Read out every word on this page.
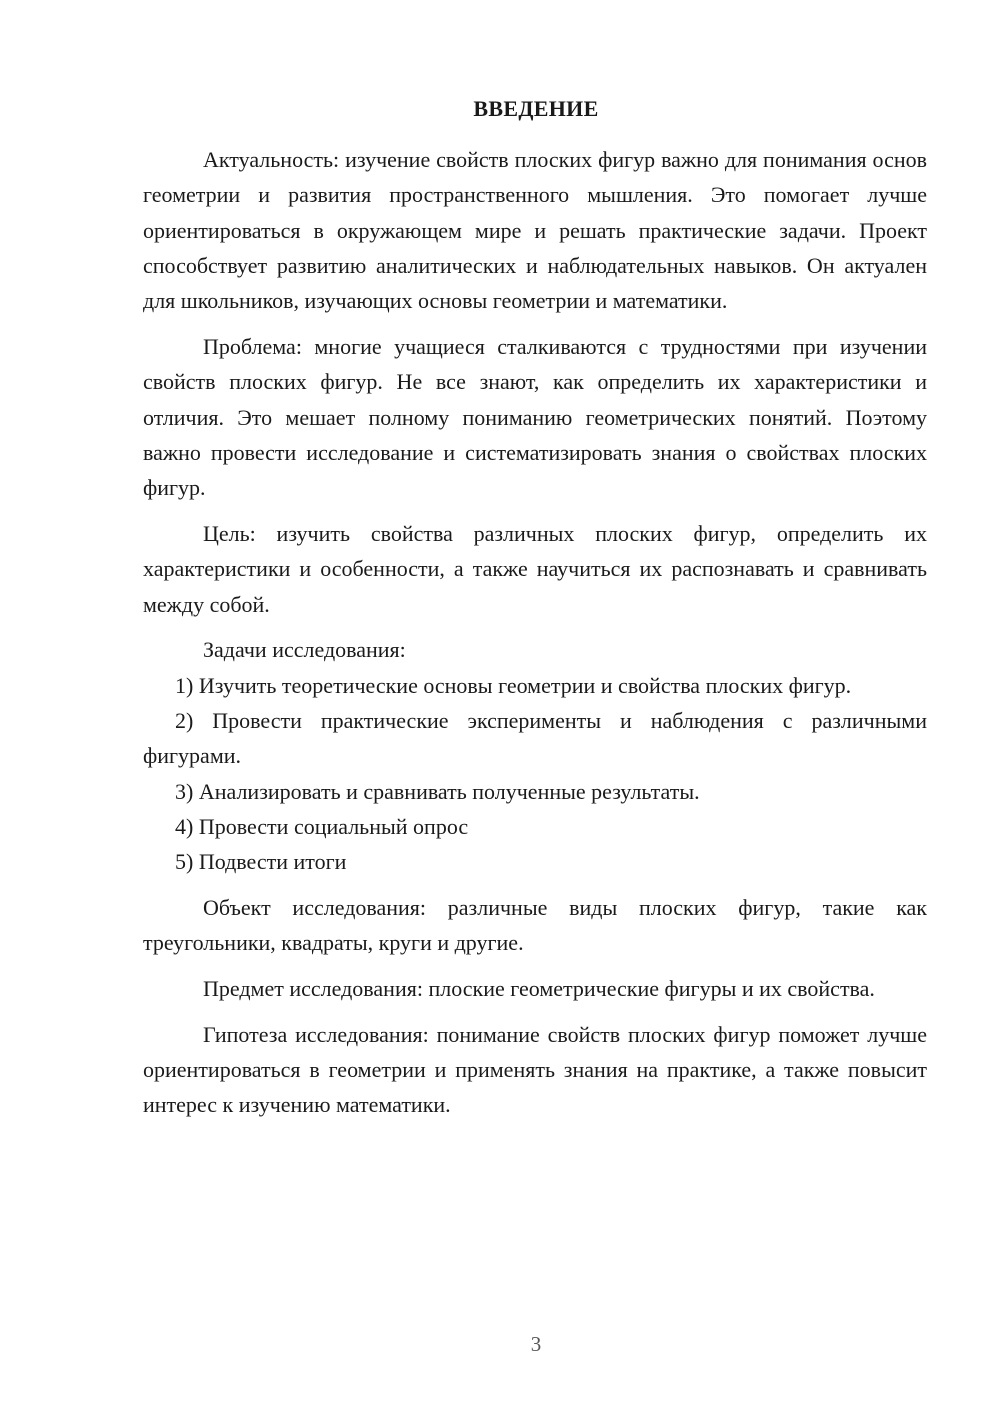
ВВЕДЕНИЕ

Актуальность: изучение свойств плоских фигур важно для понимания основ геометрии и развития пространственного мышления. Это помогает лучше ориентироваться в окружающем мире и решать практические задачи. Проект способствует развитию аналитических и наблюдательных навыков. Он актуален для школьников, изучающих основы геометрии и математики.

Проблема: многие учащиеся сталкиваются с трудностями при изучении свойств плоских фигур. Не все знают, как определить их характеристики и отличия. Это мешает полному пониманию геометрических понятий. Поэтому важно провести исследование и систематизировать знания о свойствах плоских фигур.

Цель: изучить свойства различных плоских фигур, определить их характеристики и особенности, а также научиться их распознавать и сравнивать между собой.

Задачи исследования:

1) Изучить теоретические основы геометрии и свойства плоских фигур.

2) Провести практические эксперименты и наблюдения с различными фигурами.

3) Анализировать и сравнивать полученные результаты.

4) Провести социальный опрос

5) Подвести итоги

Объект исследования: различные виды плоских фигур, такие как треугольники, квадраты, круги и другие.

Предмет исследования: плоские геометрические фигуры и их свойства.

Гипотеза исследования: понимание свойств плоских фигур поможет лучше ориентироваться в геометрии и применять знания на практике, а также повысит интерес к изучению математики.

3
